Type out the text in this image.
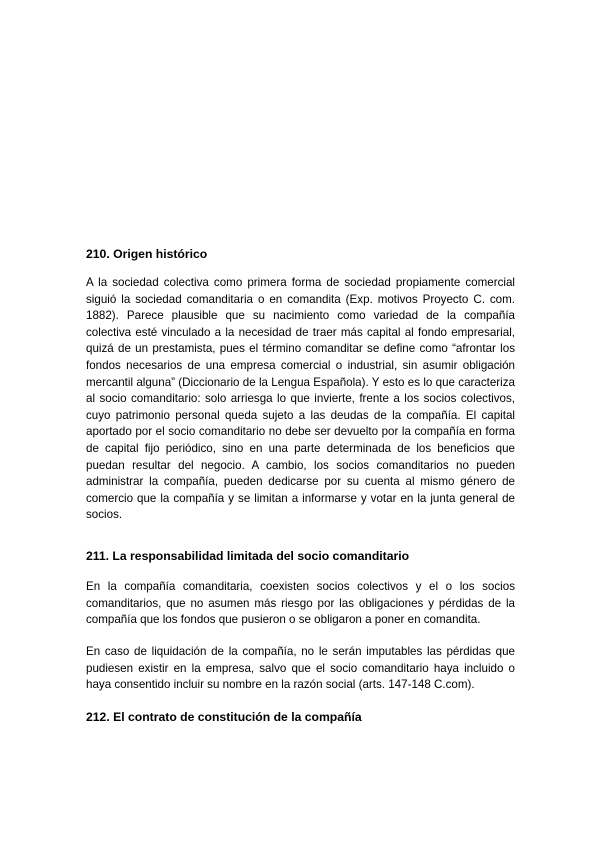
210. Origen histórico

A la sociedad colectiva como primera forma de sociedad propiamente comercial siguió la sociedad comanditaria o en comandita (Exp. motivos Proyecto C. com. 1882). Parece plausible que su nacimiento como variedad de la compañía colectiva esté vinculado a la necesidad de traer más capital al fondo empresarial, quizá de un prestamista, pues el término comanditar se define como “afrontar los fondos necesarios de una empresa comercial o industrial, sin asumir obligación mercantil alguna” (Diccionario de la Lengua Española). Y esto es lo que caracteriza al socio comanditario: solo arriesga lo que invierte, frente a los socios colectivos, cuyo patrimonio personal queda sujeto a las deudas de la compañía. El capital aportado por el socio comanditario no debe ser devuelto por la compañía en forma de capital fijo periódico, sino en una parte determinada de los beneficios que puedan resultar del negocio. A cambio, los socios comanditarios no pueden administrar la compañía, pueden dedicarse por su cuenta al mismo género de comercio que la compañía y se limitan a informarse y votar en la junta general de socios.

211. La responsabilidad limitada del socio comanditario

En la compañía comanditaria, coexisten socios colectivos y el o los socios comanditarios, que no asumen más riesgo por las obligaciones y pérdidas de la compañía que los fondos que pusieron o se obligaron a poner en comandita.

En caso de liquidación de la compañía, no le serán imputables las pérdidas que pudiesen existir en la empresa, salvo que el socio comanditario haya incluido o haya consentido incluir su nombre en la razón social (arts. 147-148 C.com).

212. El contrato de constitución de la compañía
